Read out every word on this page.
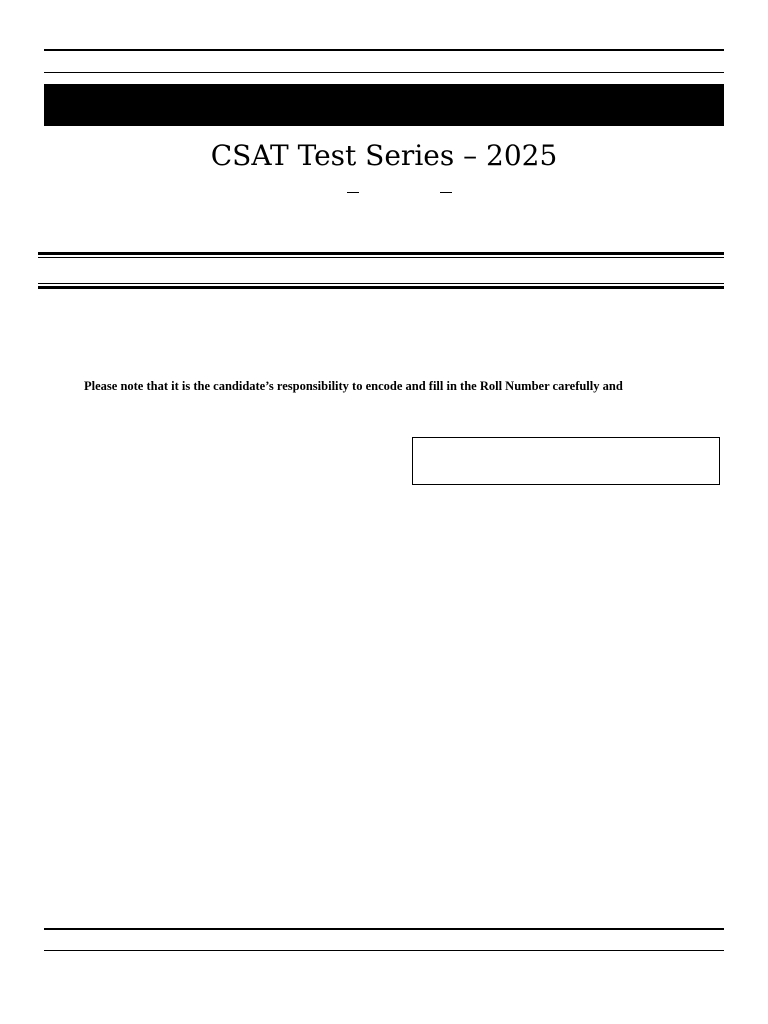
CSAT Test Series – 2025
Please note that it is the candidate’s responsibility to encode and fill in the Roll Number carefully and
